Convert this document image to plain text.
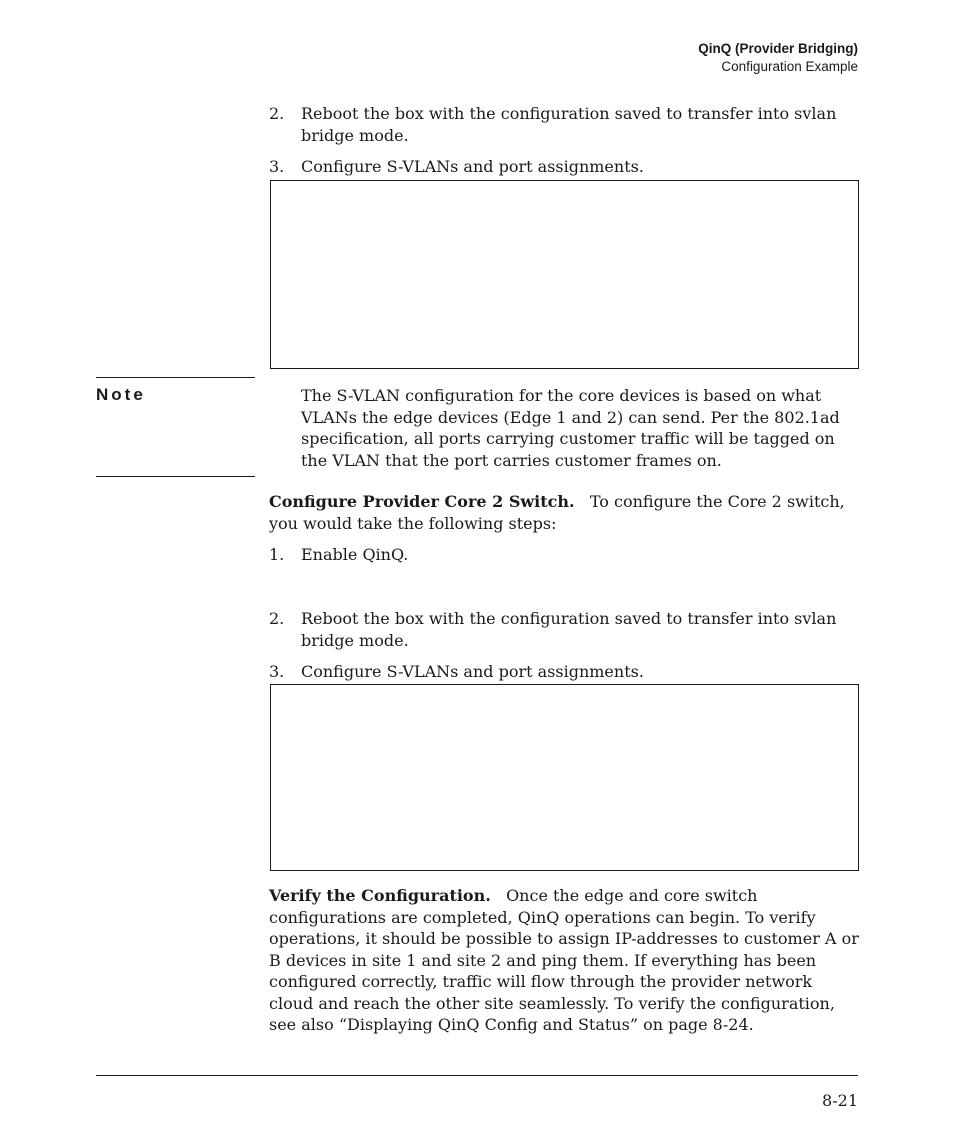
QinQ (Provider Bridging)
Configuration Example
2. Reboot the box with the configuration saved to transfer into svlan bridge mode.
3. Configure S-VLANs and port assignments.
Note	The S-VLAN configuration for the core devices is based on what VLANs the edge devices (Edge 1 and 2) can send. Per the 802.1ad specification, all ports carrying customer traffic will be tagged on the VLAN that the port carries customer frames on.
Configure Provider Core 2 Switch. To configure the Core 2 switch, you would take the following steps:
1. Enable QinQ.
2. Reboot the box with the configuration saved to transfer into svlan bridge mode.
3. Configure S-VLANs and port assignments.
Verify the Configuration. Once the edge and core switch configurations are completed, QinQ operations can begin. To verify operations, it should be possible to assign IP-addresses to customer A or B devices in site 1 and site 2 and ping them. If everything has been configured correctly, traffic will flow through the provider network cloud and reach the other site seamlessly. To verify the configuration, see also “Displaying QinQ Config and Status” on page 8-24.
8-21
